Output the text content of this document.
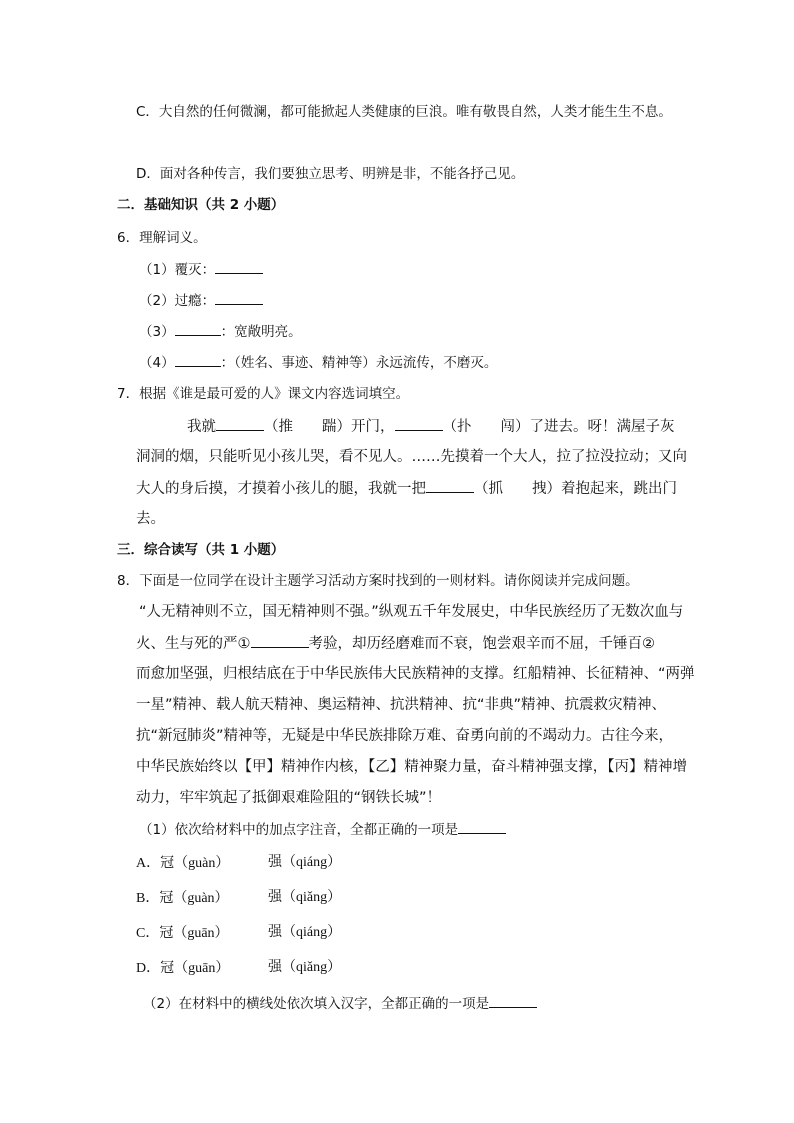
C．大自然的任何微澜，都可能掀起人类健康的巨浪。唯有敬畏自然，人类才能生生不息。
D．面对各种传言，我们要独立思考、明辨是非，不能各抒己见。
二．基础知识（共 2 小题）
6．理解词义。
（1）覆灭：
（2）过瘾：
（3）	：宽敞明亮。
（4）	：（姓名、事迹、精神等）永远流传，不磨灭。
7．根据《谁是最可爱的人》课文内容选词填空。
我就	（推　　踹）开门，	（扑　　闯）了进去。呀！满屋子灰
洞洞的烟，只能听见小孩儿哭，看不见人。……先摸着一个大人，拉了拉没拉动；又向
大人的身后摸，才摸着小孩儿的腿，我就一把	（抓　　拽）着抱起来，跳出门
去。
三．综合读写（共 1 小题）
8．下面是一位同学在设计主题学习活动方案时找到的一则材料。请你阅读并完成问题。
“人无精神则不立，国无精神则不强。”纵观五千年发展史，中华民族经历了无数次血与
火、生与死的严①	考验，却历经磨难而不衰，饱尝艰辛而不屈，千锤百②
而愈加坚强，归根结底在于中华民族伟大民族精神的支撑。红船精神、长征精神、“两弹
一星”精神、载人航天精神、奥运精神、抗洪精神、抗“非典”精神、抗震救灾精神、
抗“新冠肺炎”精神等，无疑是中华民族排除万难、奋勇向前的不竭动力。古往今来，
中华民族始终以【甲】精神作内核，【乙】精神聚力量，奋斗精神强支撑，【丙】精神增
动力，牢牢筑起了抵御艰难险阻的“钢铁长城”！
（1）依次给材料中的加点字注音，全都正确的一项是
A．冠（guàn）	强（qiáng）
B．冠（guàn）	强（qiǎng）
C．冠（guān）	强（qiáng）
D．冠（guān）	强（qiǎng）
（2）在材料中的横线处依次填入汉字，全都正确的一项是
